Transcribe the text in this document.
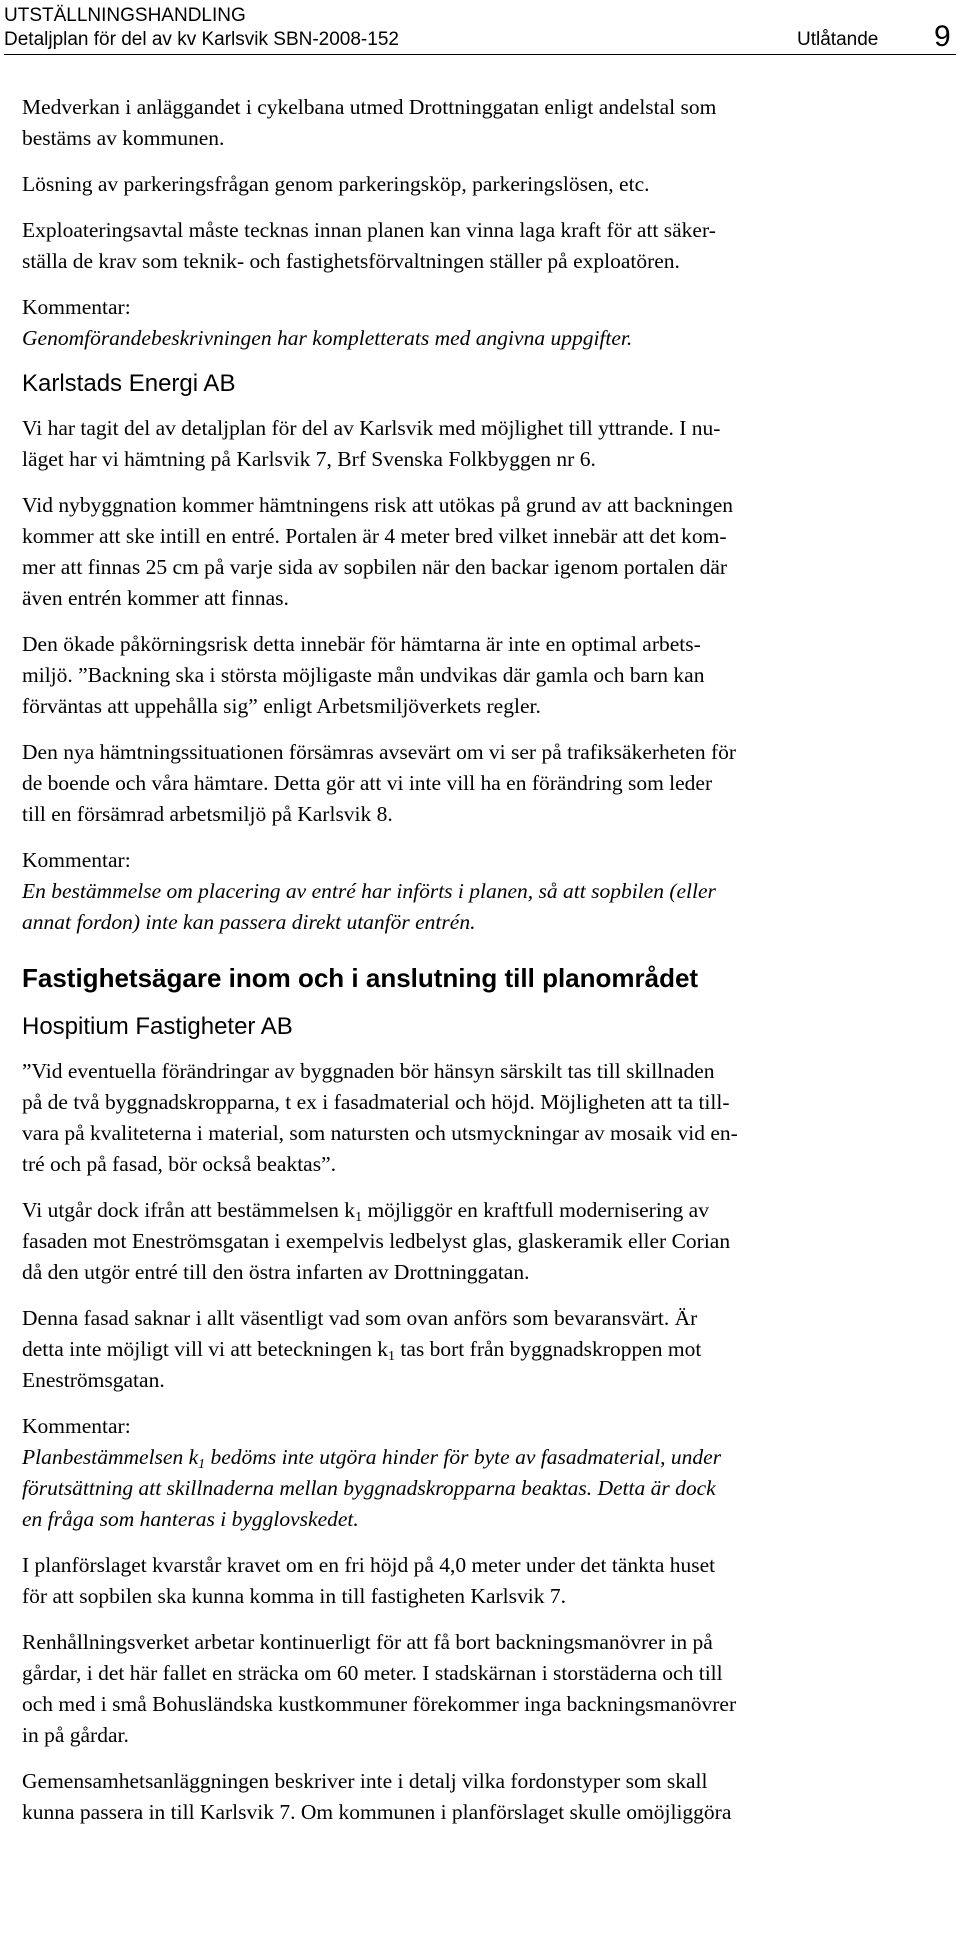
UTSTÄLLNINGSHANDLING
Detaljplan för del av kv Karlsvik SBN-2008-152	Utlåtande 9

Medverkan i anläggandet i cykelbana utmed Drottninggatan enligt andelstal som
bestäms av kommunen.

Lösning av parkeringsfrågan genom parkeringsköp, parkeringslösen, etc.

Exploateringsavtal måste tecknas innan planen kan vinna laga kraft för att säker-
ställa de krav som teknik- och fastighetsförvaltningen ställer på exploatören.

Kommentar:
Genomförandebeskrivningen har kompletterats med angivna uppgifter.

Karlstads Energi AB

Vi har tagit del av detaljplan för del av Karlsvik med möjlighet till yttrande. I nu-
läget har vi hämtning på Karlsvik 7, Brf Svenska Folkbyggen nr 6.

Vid nybyggnation kommer hämtningens risk att utökas på grund av att backningen
kommer att ske intill en entré. Portalen är 4 meter bred vilket innebär att det kom-
mer att finnas 25 cm på varje sida av sopbilen när den backar igenom portalen där
även entrén kommer att finnas.

Den ökade påkörningsrisk detta innebär för hämtarna är inte en optimal arbets-
miljö. ”Backning ska i största möjligaste mån undvikas där gamla och barn kan
förväntas att uppehålla sig” enligt Arbetsmiljöverkets regler.

Den nya hämtningssituationen försämras avsevärt om vi ser på trafiksäkerheten för
de boende och våra hämtare. Detta gör att vi inte vill ha en förändring som leder
till en försämrad arbetsmiljö på Karlsvik 8.

Kommentar:
En bestämmelse om placering av entré har införts i planen, så att sopbilen (eller
annat fordon) inte kan passera direkt utanför entrén.

Fastighetsägare inom och i anslutning till planområdet
Hospitium Fastigheter AB

”Vid eventuella förändringar av byggnaden bör hänsyn särskilt tas till skillnaden
på de två byggnadskropparna, t ex i fasadmaterial och höjd. Möjligheten att ta till-
vara på kvaliteterna i material, som natursten och utsmyckningar av mosaik vid en-
tré och på fasad, bör också beaktas”.

Vi utgår dock ifrån att bestämmelsen $k_1$ möjliggör en kraftfull modernisering av
fasaden mot Eneströmsgatan i exempelvis ledbelyst glas, glaskeramik eller Corian
då den utgör entré till den östra infarten av Drottninggatan.

Denna fasad saknar i allt väsentligt vad som ovan anförs som bevaransvärt. Är
detta inte möjligt vill vi att beteckningen $k_1$ tas bort från byggnadskroppen mot
Eneströmsgatan.

Kommentar:
Planbestämmelsen $k_1$ bedöms inte utgöra hinder för byte av fasadmaterial, under
förutsättning att skillnaderna mellan byggnadskropparna beaktas. Detta är dock
en fråga som hanteras i bygglovskedet.

I planförslaget kvarstår kravet om en fri höjd på 4,0 meter under det tänkta huset
för att sopbilen ska kunna komma in till fastigheten Karlsvik 7.

Renhållningsverket arbetar kontinuerligt för att få bort backningsmanövrer in på
gårdar, i det här fallet en sträcka om 60 meter. I stadskärnan i storstäderna och till
och med i små Bohusländska kustkommuner förekommer inga backningsmanövrer
in på gårdar.

Gemensamhetsanläggningen beskriver inte i detalj vilka fordonstyper som skall
kunna passera in till Karlsvik 7. Om kommunen i planförslaget skulle omöjliggöra
